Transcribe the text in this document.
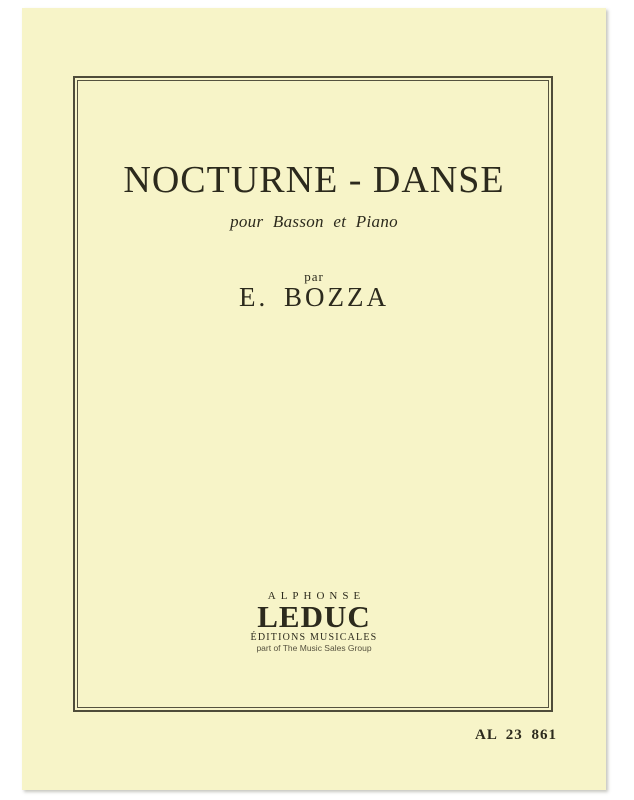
NOCTURNE - DANSE
pour Basson et Piano
par
E. BOZZA
ALPHONSE
LEDUC
ÉDITIONS MUSICALES
part of The Music Sales Group
AL 23 861
